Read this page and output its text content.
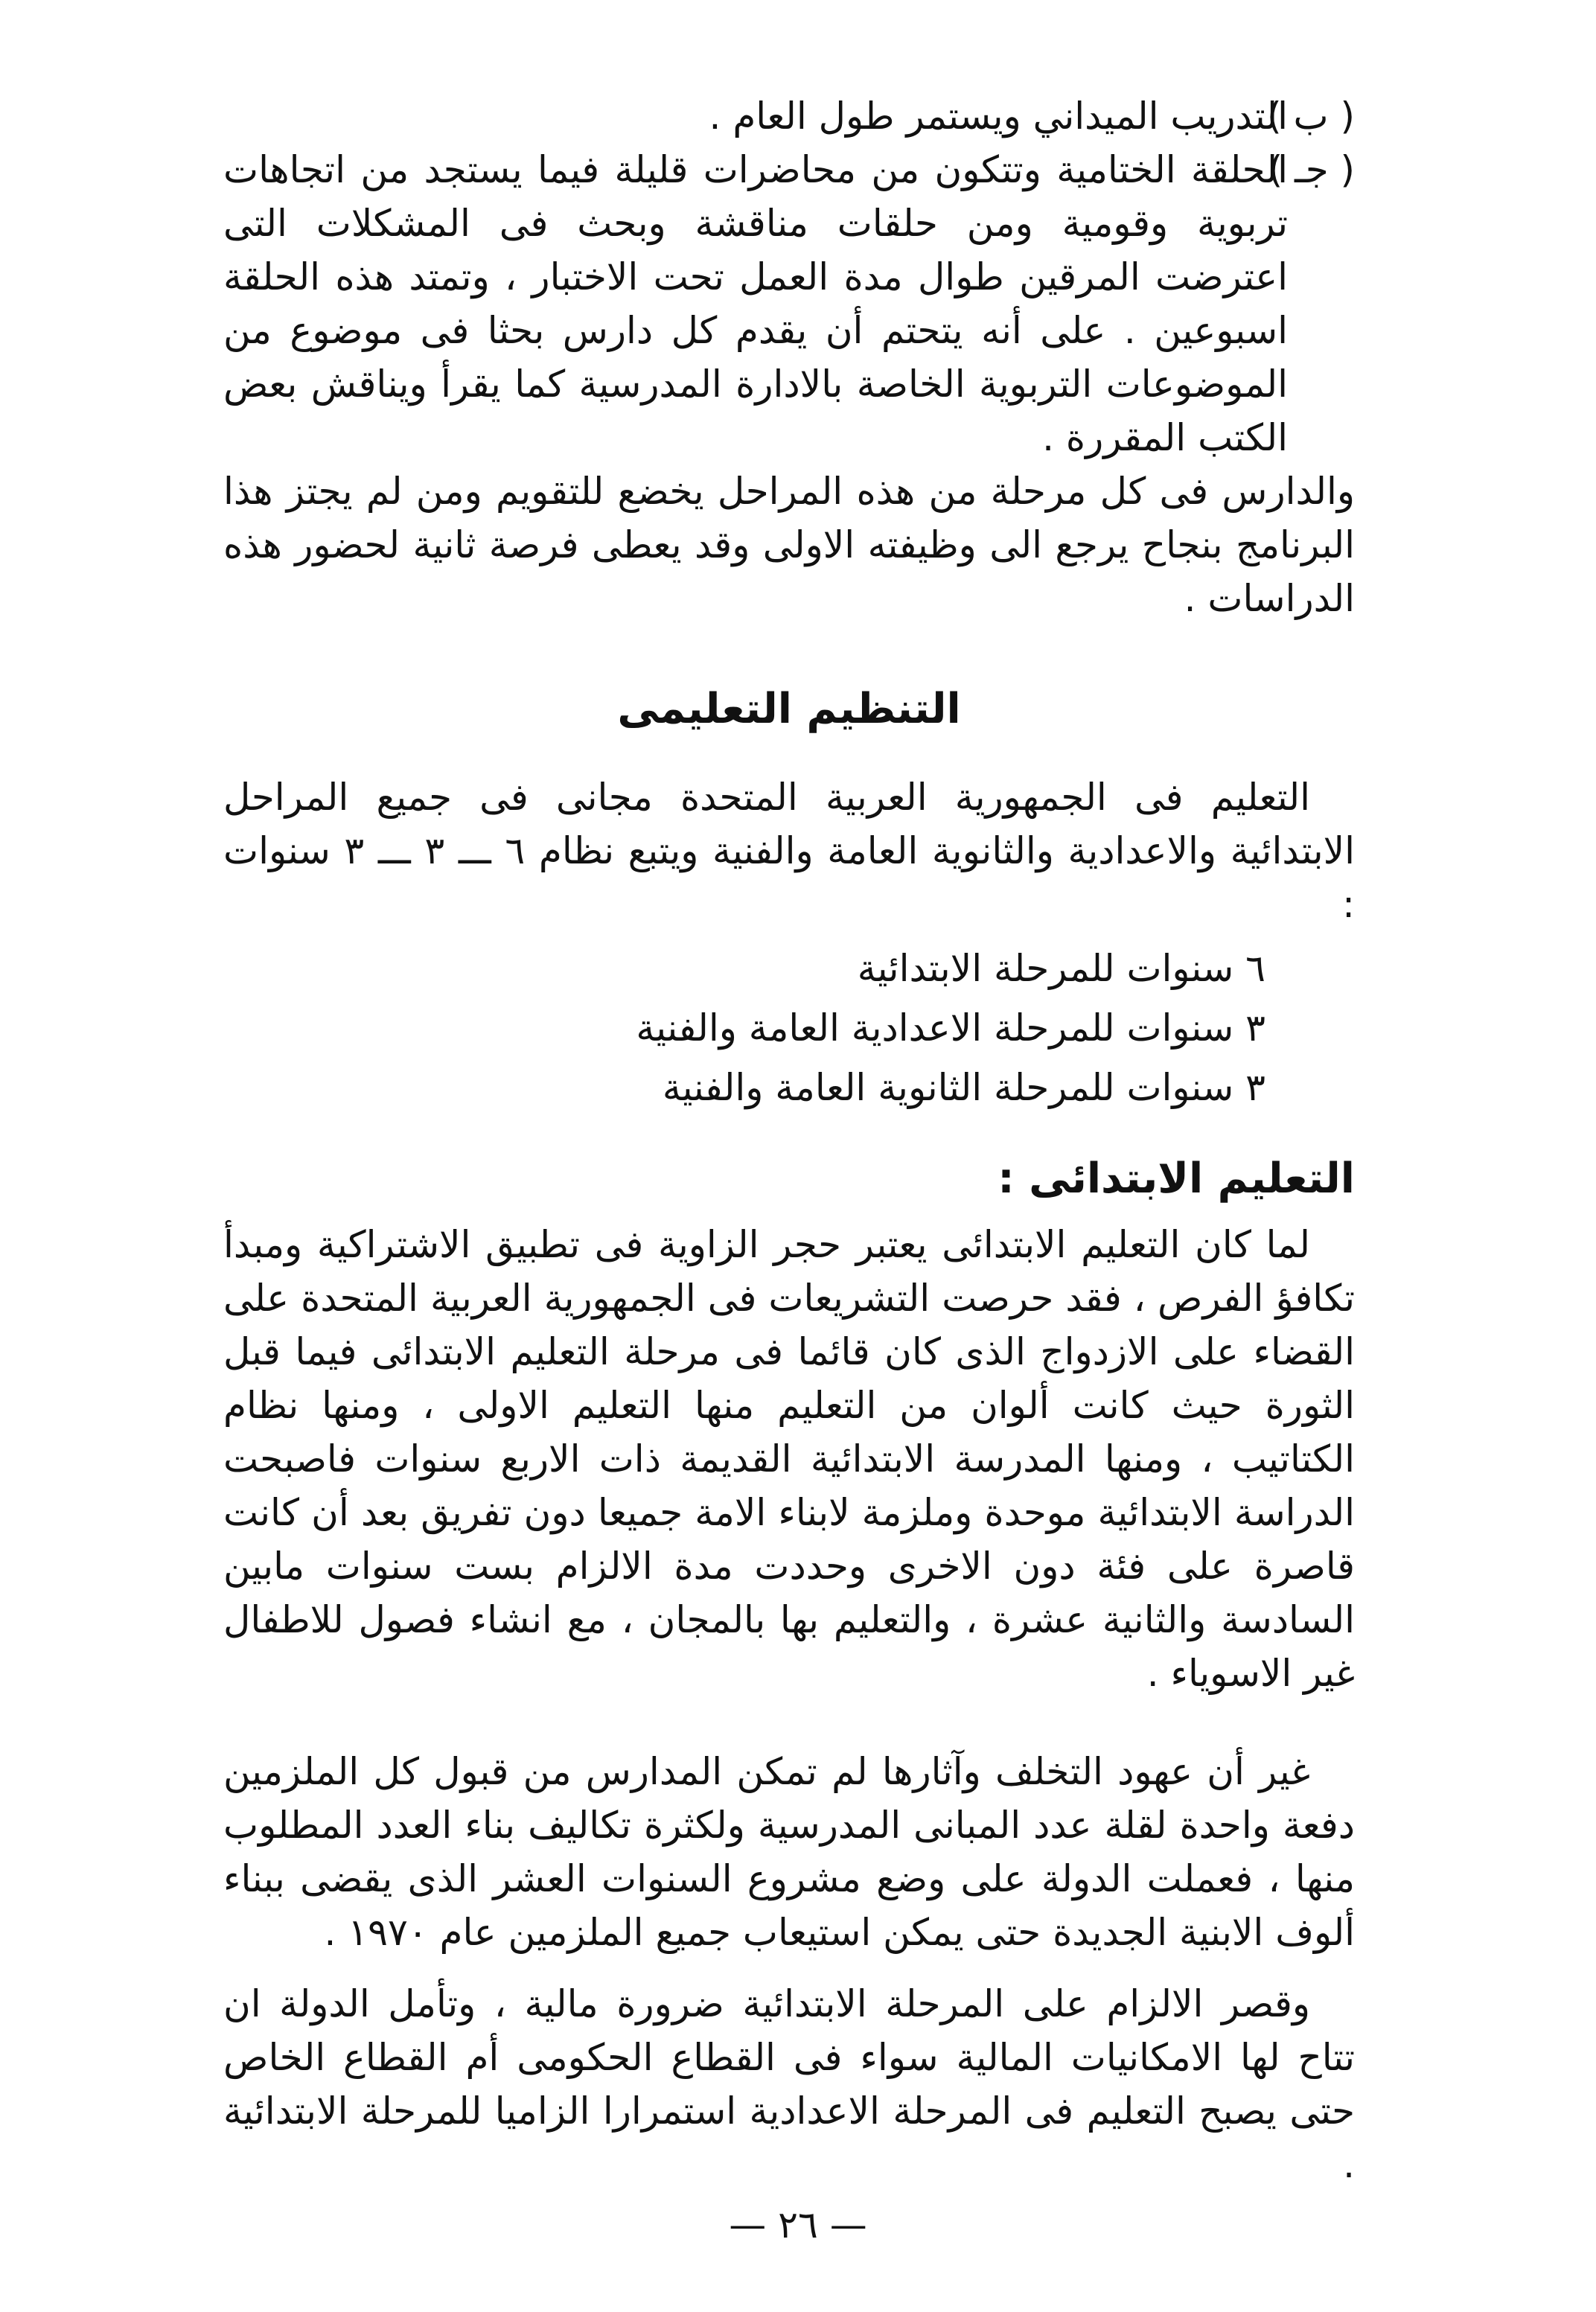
( ب )
التدريب الميداني ويستمر طول العام .
( جـ )
الحلقة الختامية وتتكون من محاضرات قليلة فيما يستجد من اتجاهات تربوية وقومية ومن حلقات مناقشة وبحث فى المشكلات التى اعترضت المرقين طوال مدة العمل تحت الاختبار ، وتمتد هذه الحلقة اسبوعين . على أنه يتحتم أن يقدم كل دارس بحثا فى موضوع من الموضوعات التربوية الخاصة بالادارة المدرسية كما يقرأ ويناقش بعض الكتب المقررة .

والدارس فى كل مرحلة من هذه المراحل يخضع للتقويم ومن لم يجتز هذا البرنامج بنجاح يرجع الى وظيفته الاولى وقد يعطى فرصة ثانية لحضور هذه الدراسات .

التنظيم التعليمى

التعليم فى الجمهورية العربية المتحدة مجانى فى جميع المراحل الابتدائية والاعدادية والثانوية العامة والفنية ويتبع نظام ٦ ـــ ٣ ـــ ٣ سنوات :

٦ سنوات للمرحلة الابتدائية
٣ سنوات للمرحلة الاعدادية العامة والفنية
٣ سنوات للمرحلة الثانوية العامة والفنية
التعليم الابتدائى :

لما كان التعليم الابتدائى يعتبر حجر الزاوية فى تطبيق الاشتراكية ومبدأ تكافؤ الفرص ، فقد حرصت التشريعات فى الجمهورية العربية المتحدة على القضاء على الازدواج الذى كان قائما فى مرحلة التعليم الابتدائى فيما قبل الثورة حيث كانت ألوان من التعليم منها التعليم الاولى ، ومنها نظام الكتاتيب ، ومنها المدرسة الابتدائية القديمة ذات الاربع سنوات فاصبحت الدراسة الابتدائية موحدة وملزمة لابناء الامة جميعا دون تفريق بعد أن كانت قاصرة على فئة دون الاخرى وحددت مدة الالزام بست سنوات مابين السادسة والثانية عشرة ، والتعليم بها بالمجان ، مع انشاء فصول للاطفال غير الاسوياء .

غير أن عهود التخلف وآثارها لم تمكن المدارس من قبول كل الملزمين دفعة واحدة لقلة عدد المبانى المدرسية ولكثرة تكاليف بناء العدد المطلوب منها ، فعملت الدولة على وضع مشروع السنوات العشر الذى يقضى ببناء ألوف الابنية الجديدة حتى يمكن استيعاب جميع الملزمين عام ١٩٧٠ .

وقصر الالزام على المرحلة الابتدائية ضرورة مالية ، وتأمل الدولة ان تتاح لها الامكانيات المالية سواء فى القطاع الحكومى أم القطاع الخاص حتى يصبح التعليم فى المرحلة الاعدادية استمرارا الزاميا للمرحلة الابتدائية .

— ٢٦ —
